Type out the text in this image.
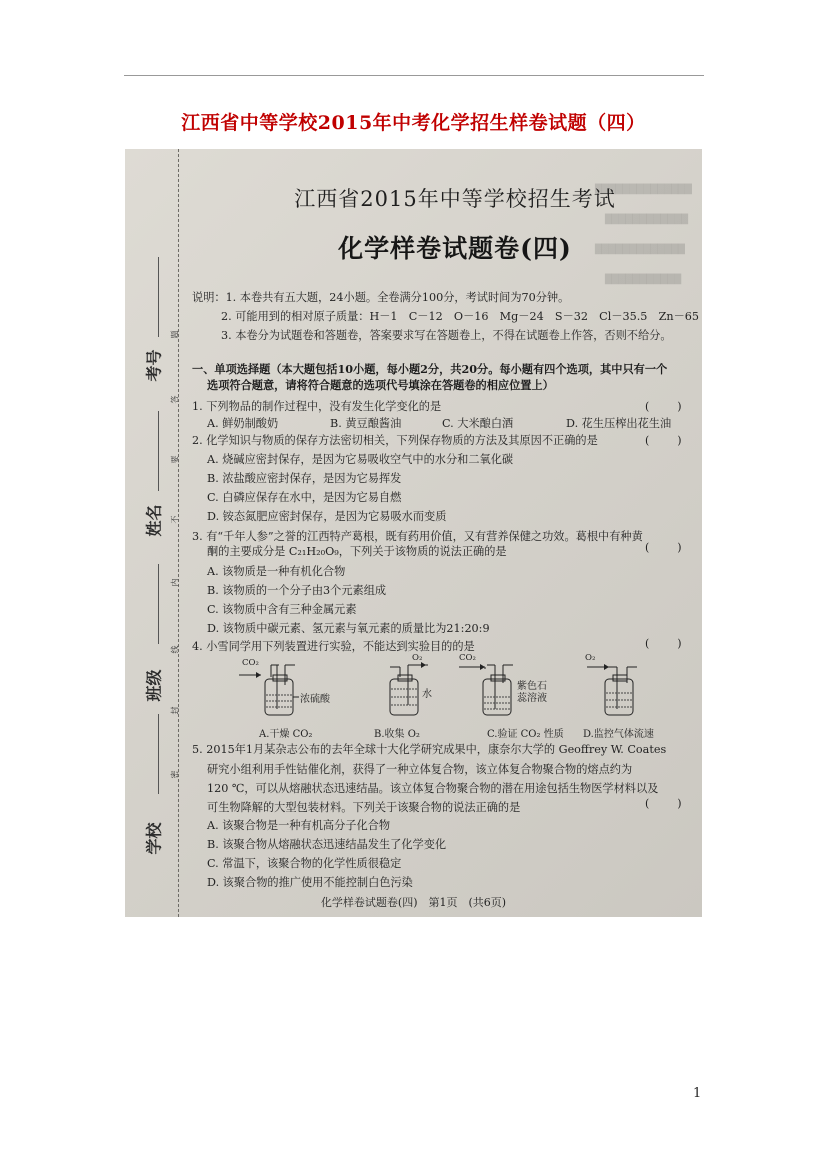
江西省中等学校2015年中考化学招生样卷试题（四）
██████████████
████████████
█████████████
███████████
考号
姓名
班级
学校
题
答
要
不
内
线
封
密
江西省2015年中等学校招生考试
化学样卷试题卷(四)
说明：1. 本卷共有五大题，24小题。全卷满分100分，考试时间为70分钟。
2. 可能用到的相对原子质量：H－1　C－12　O－16　Mg－24　S－32　Cl－35.5　Zn－65
3. 本卷分为试题卷和答题卷，答案要求写在答题卷上，不得在试题卷上作答，否则不给分。
一、单项选择题（本大题包括10小题，每小题2分，共20分。每小题有四个选项，其中只有一个
选项符合题意，请将符合题意的选项代号填涂在答题卷的相应位置上）
1. 下列物品的制作过程中，没有发生化学变化的是	(        )
A. 鲜奶制酸奶	B. 黄豆酿酱油	C. 大米酿白酒	D. 花生压榨出花生油
2. 化学知识与物质的保存方法密切相关，下列保存物质的方法及其原因不正确的是	(        )
A. 烧碱应密封保存，是因为它易吸收空气中的水分和二氧化碳
B. 浓盐酸应密封保存，是因为它易挥发
C. 白磷应保存在水中，是因为它易自燃
D. 铵态氮肥应密封保存，是因为它易吸水而变质
3. 有“千年人参”之誉的江西特产葛根，既有药用价值，又有营养保健之功效。葛根中有种黄
酮的主要成分是 C₂₁H₂₀O₉，下列关于该物质的说法正确的是	(        )
A. 该物质是一种有机化合物
B. 该物质的一个分子由3个元素组成
C. 该物质中含有三种金属元素
D. 该物质中碳元素、氢元素与氧元素的质量比为21:20:9
4. 小雪同学用下列装置进行实验，不能达到实验目的的是	(        )
CO₂
浓硫酸
A.干燥 CO₂
O₂
水
B.收集 O₂
CO₂
紫色石蕊溶液
C.验证 CO₂ 性质
O₂
D.监控气体流速
5. 2015年1月某杂志公布的去年全球十大化学研究成果中，康奈尔大学的 Geoffrey W. Coates
研究小组利用手性钴催化剂，获得了一种立体复合物，该立体复合物聚合物的熔点约为
120 ℃，可以从熔融状态迅速结晶。该立体复合物聚合物的潜在用途包括生物医学材料以及
可生物降解的大型包装材料。下列关于该聚合物的说法正确的是	(        )
A. 该聚合物是一种有机高分子化合物
B. 该聚合物从熔融状态迅速结晶发生了化学变化
C. 常温下，该聚合物的化学性质很稳定
D. 该聚合物的推广使用不能控制白色污染
化学样卷试题卷(四)　第1页　(共6页)
1
